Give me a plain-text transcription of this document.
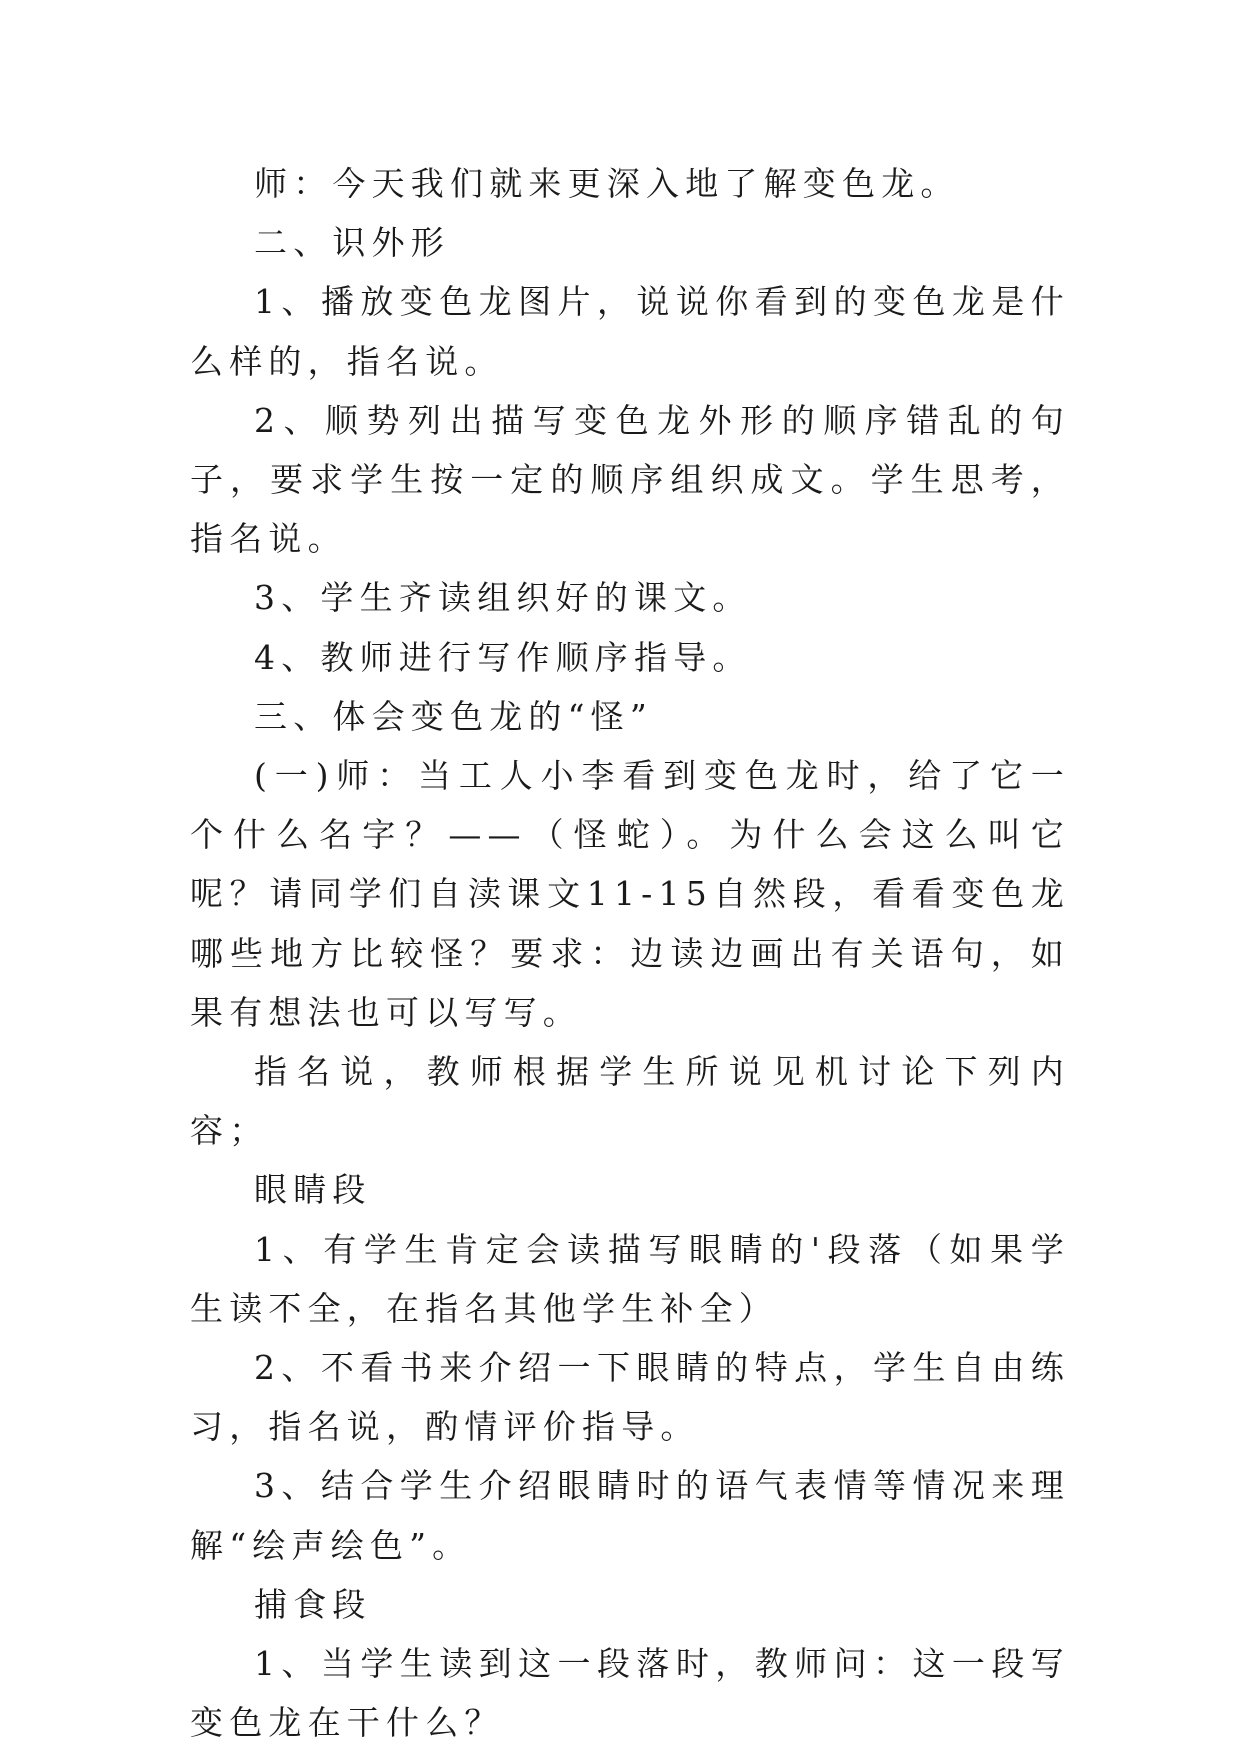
师：今天我们就来更深入地了解变色龙。

二、识外形

1、播放变色龙图片，说说你看到的变色龙是什么样的，指名说。

2、顺势列出描写变色龙外形的顺序错乱的句子，要求学生按一定的顺序组织成文。学生思考，指名说。

3、学生齐读组织好的课文。

4、教师进行写作顺序指导。

三、体会变色龙的“怪”

(一)师：当工人小李看到变色龙时，给了它一个什么名字？——（怪蛇）。为什么会这么叫它呢？请同学们自渎课文11-15自然段，看看变色龙哪些地方比较怪？要求：边读边画出有关语句，如果有想法也可以写写。

指名说，教师根据学生所说见机讨论下列内容；

眼睛段

1、有学生肯定会读描写眼睛的'段落（如果学生读不全，在指名其他学生补全）

2、不看书来介绍一下眼睛的特点，学生自由练习，指名说，酌情评价指导。

3、结合学生介绍眼睛时的语气表情等情况来理解“绘声绘色”。

捕食段

1、当学生读到这一段落时，教师问：这一段写变色龙在干什么？
